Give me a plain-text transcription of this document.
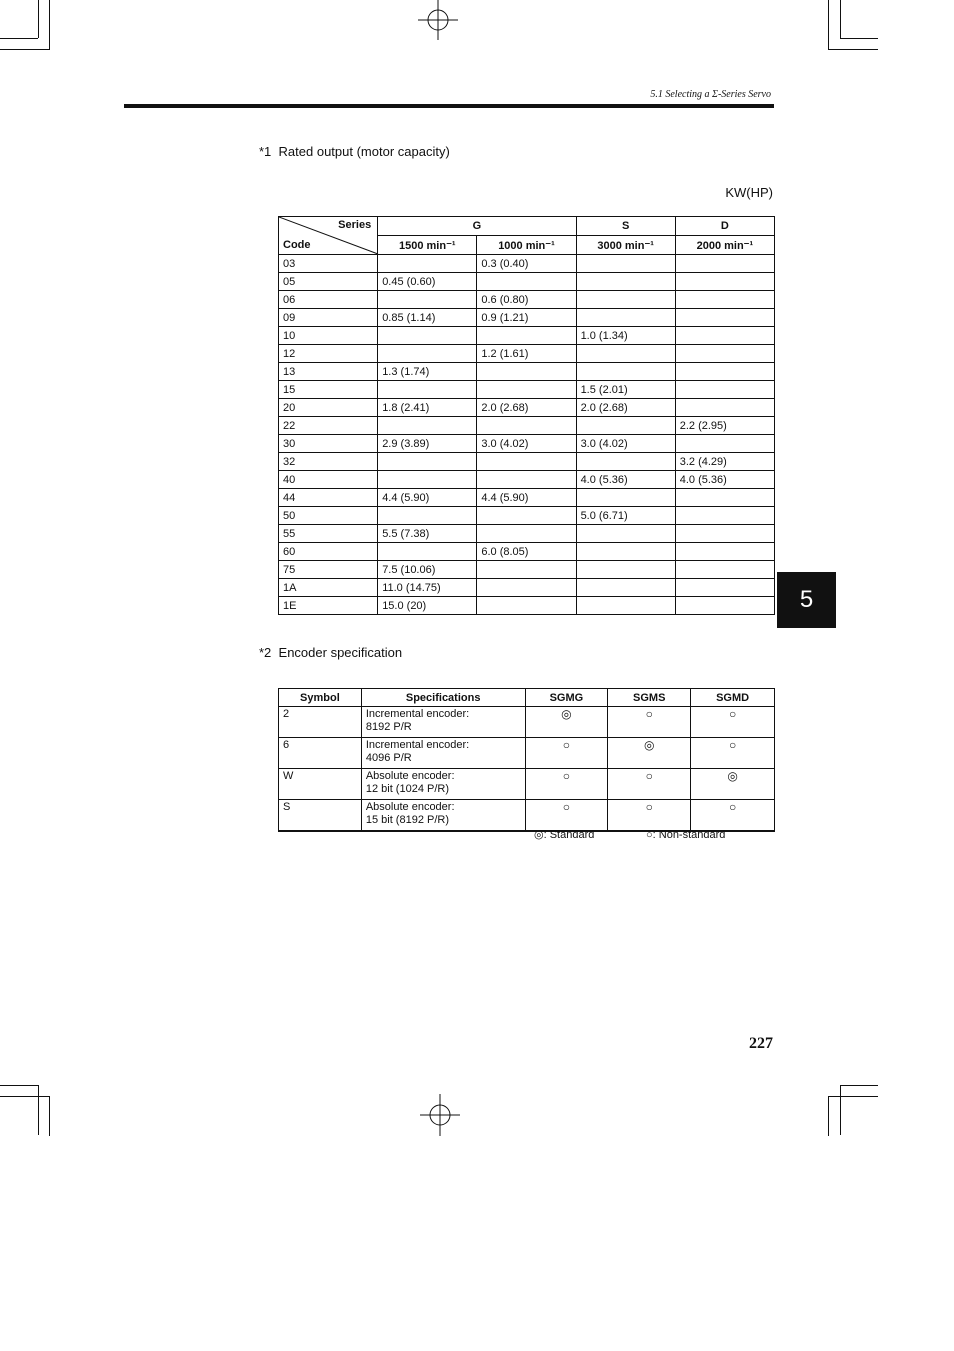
5.1 Selecting a Σ-Series Servo
*1 Rated output (motor capacity)
KW(HP)
Series
Code	G		S	D
	1500 min⁻¹	1000 min⁻¹	3000 min⁻¹	2000 min⁻¹
03		0.3 (0.40)		
05	0.45 (0.60)			
06		0.6 (0.80)		
09	0.85 (1.14)	0.9 (1.21)		
10			1.0 (1.34)	
12		1.2 (1.61)		
13	1.3 (1.74)			
15			1.5 (2.01)	
20	1.8 (2.41)	2.0 (2.68)	2.0 (2.68)	
22				2.2 (2.95)
30	2.9 (3.89)	3.0 (4.02)	3.0 (4.02)	
32				3.2 (4.29)
40			4.0 (5.36)	4.0 (5.36)
44	4.4 (5.90)	4.4 (5.90)		
50			5.0 (6.71)	
55	5.5 (7.38)			
60		6.0 (8.05)		
75	7.5 (10.06)			
1A	11.0 (14.75)			
1E	15.0 (20)				5
*2 Encoder specification
Symbol	Specifications	SGMG	SGMS	SGMD
2	Incremental encoder:
8192 P/R	◎	○	○
6	Incremental encoder:
4096 P/R	○	◎	○
W	Absolute encoder:
12 bit (1024 P/R)	○	○	◎
S	Absolute encoder:
15 bit (8192 P/R)	○	○	○
◎: Standard	○: Non-standard
227
